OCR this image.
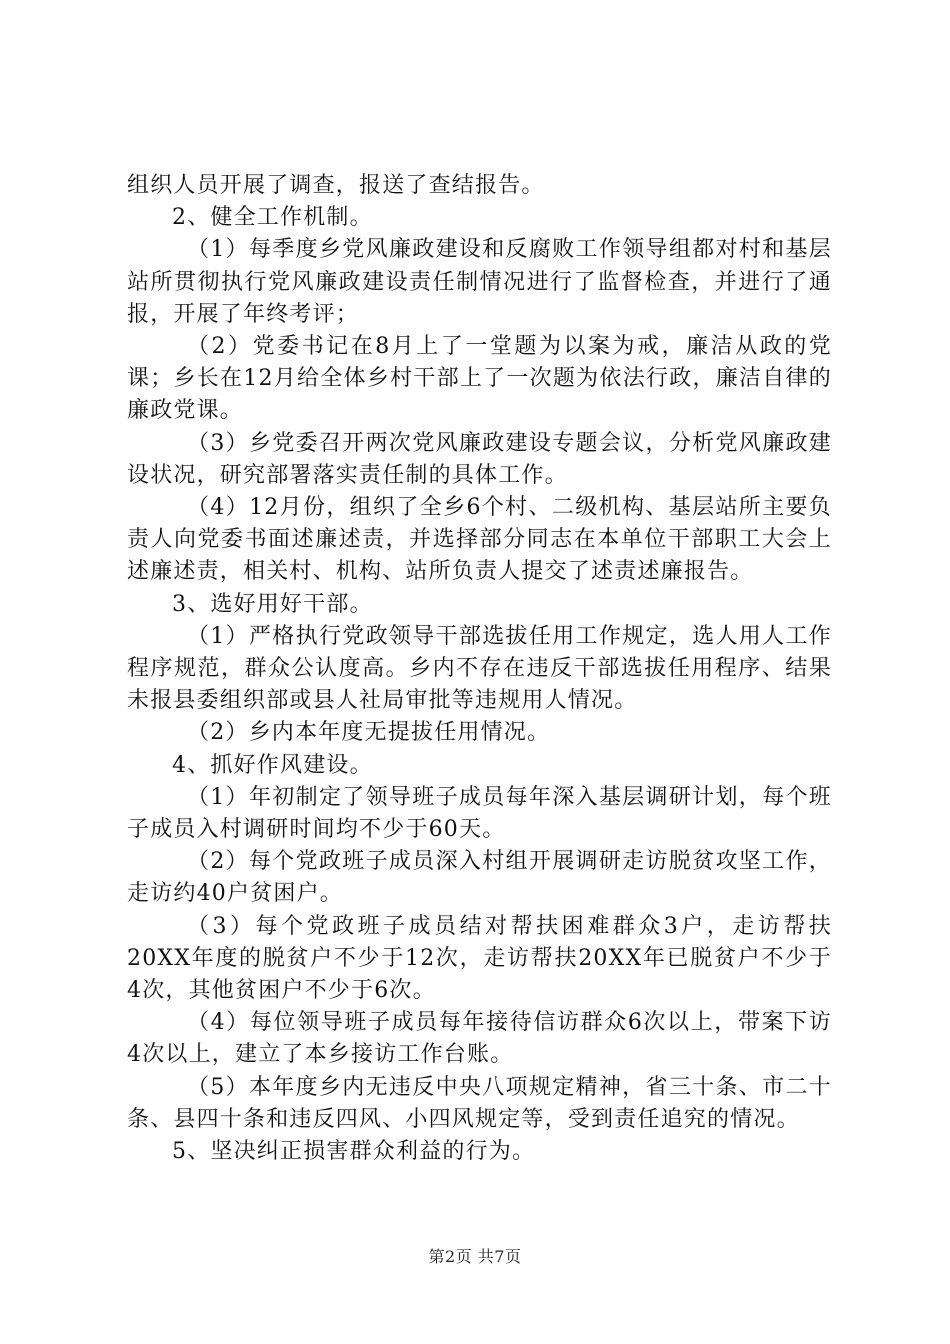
组织人员开展了调查，报送了查结报告。

2、健全工作机制。

（1）每季度乡党风廉政建设和反腐败工作领导组都对村和基层站所贯彻执行党风廉政建设责任制情况进行了监督检查，并进行了通报，开展了年终考评；

（2）党委书记在8月上了一堂题为以案为戒，廉洁从政的党课；乡长在12月给全体乡村干部上了一次题为依法行政，廉洁自律的廉政党课。

（3）乡党委召开两次党风廉政建设专题会议，分析党风廉政建设状况，研究部署落实责任制的具体工作。

（4）12月份，组织了全乡6个村、二级机构、基层站所主要负责人向党委书面述廉述责，并选择部分同志在本单位干部职工大会上述廉述责，相关村、机构、站所负责人提交了述责述廉报告。

3、选好用好干部。

（1）严格执行党政领导干部选拔任用工作规定，选人用人工作程序规范，群众公认度高。乡内不存在违反干部选拔任用程序、结果未报县委组织部或县人社局审批等违规用人情况。

（2）乡内本年度无提拔任用情况。

4、抓好作风建设。

（1）年初制定了领导班子成员每年深入基层调研计划，每个班子成员入村调研时间均不少于60天。

（2）每个党政班子成员深入村组开展调研走访脱贫攻坚工作，走访约40户贫困户。

（3）每个党政班子成员结对帮扶困难群众3户，走访帮扶20XX年度的脱贫户不少于12次，走访帮扶20XX年已脱贫户不少于4次，其他贫困户不少于6次。

（4）每位领导班子成员每年接待信访群众6次以上，带案下访4次以上，建立了本乡接访工作台账。

（5）本年度乡内无违反中央八项规定精神，省三十条、市二十条、县四十条和违反四风、小四风规定等，受到责任追究的情况。

5、坚决纠正损害群众利益的行为。

第2页 共7页
